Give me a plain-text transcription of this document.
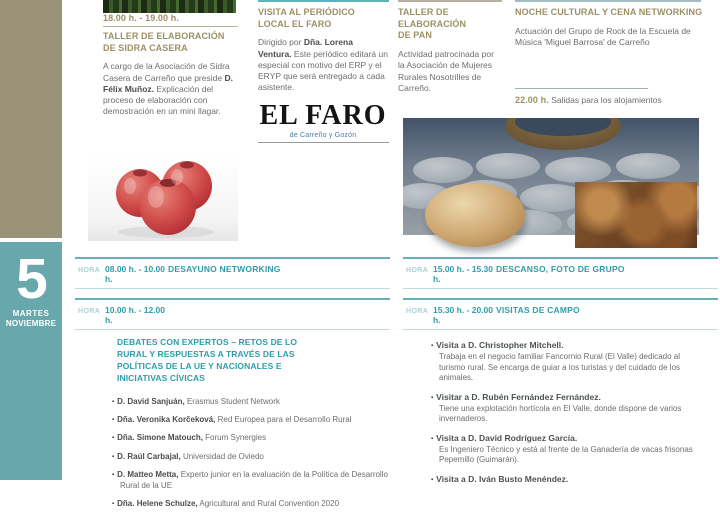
5
MARTES
NOVIEMBRE
18.00 h. - 19.00 h.
TALLER DE ELABORACIÓN DE SIDRA CASERA

A cargo de la Asociación de Sidra Casera de Carreño que preside D. Félix Muñoz. Explicación del proceso de elaboración con demostración en un mini llagar.

VISITA AL PERIÓDICO LOCAL EL FARO

Dirigido por Dña. Lorena Ventura. Este periódico editará un especial con motivo del ERP y el ERYP que será entregado a cada asistente.

EL FARO
de Carreño y Gozón
TALLER DE ELABORACIÓN DE PAN

Actividad patrocinada por la Asociación de Mujeres Rurales Nosotrilles de Carreño.

NOCHE CULTURAL Y CENA NETWORKING

Actuación del Grupo de Rock de la Escuela de Música 'Miguel Barrosa' de Carreño

22.00 h. Salidas para los alojamientos

HORA 08.00 h. - 10.00 h.
DESAYUNO NETWORKING
HORA 10.00 h. - 12.00 h.
DEBATES CON EXPERTOS – RETOS DE LO RURAL Y RESPUESTAS A TRAVÉS DE LAS POLÍTICAS DE LA UE Y NACIONALES E INICIATIVAS CÍVICAS
▪ D. David Sanjuán, Erasmus Student Network
▪ Dña. Veronika Korčeková, Red Europea para el Desarrollo Rural
▪ Dña. Simone Matouch, Forum Synergies
▪ D. Raúl Carbajal, Universidad de Oviedo
▪ D. Matteo Metta, Experto junior en la evaluación de la Política de Desarrollo Rural de la UE
▪ Dña. Helene Schulze, Agricultural and Rural Convention 2020
HORA 15.00 h. - 15.30 h.
DESCANSO, FOTO DE GRUPO
HORA 15.30 h. - 20.00 h.
VISITAS DE CAMPO
▪ Visita a D. Christopher Mitchell.
Trabaja en el negocio familiar Fancornio Rural (El Valle) dedicado al turismo rural. Se encarga de guiar a los turistas y del cuidado de los animales.
▪ Visitar a D. Rubén Fernández Fernández.
Tiene una explotación hortícola en El Valle, donde dispone de varios invernaderos.
▪ Visita a D. David Rodríguez García.
Es Ingeniero Técnico y está al frente de la Ganadería de vacas frisonas Pepemillo (Guimarán).
▪ Visita a D. Iván Busto Menéndez.
